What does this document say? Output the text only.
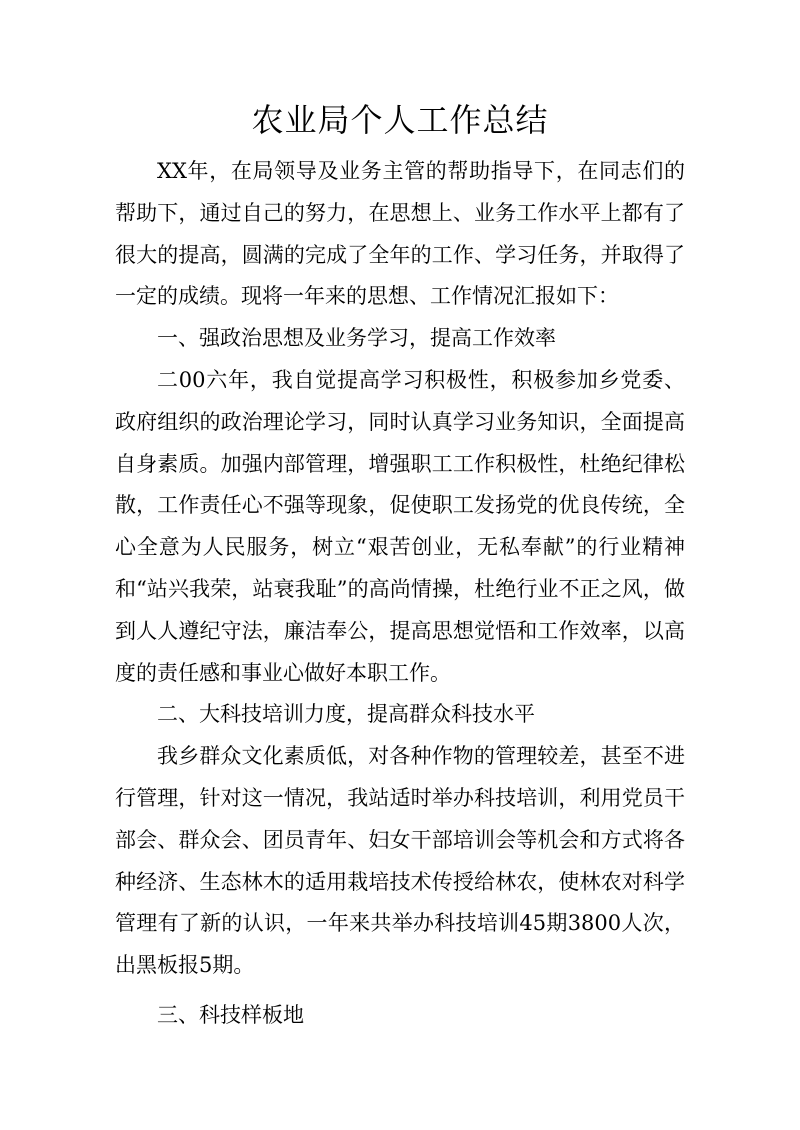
农业局个人工作总结

XX年，在局领导及业务主管的帮助指导下，在同志们的帮助下，通过自己的努力，在思想上、业务工作水平上都有了很大的提高，圆满的完成了全年的工作、学习任务，并取得了一定的成绩。现将一年来的思想、工作情况汇报如下：

一、强政治思想及业务学习，提高工作效率

二00六年，我自觉提高学习积极性，积极参加乡党委、政府组织的政治理论学习，同时认真学习业务知识，全面提高自身素质。加强内部管理，增强职工工作积极性，杜绝纪律松散，工作责任心不强等现象，促使职工发扬党的优良传统，全心全意为人民服务，树立“艰苦创业，无私奉献”的行业精神和“站兴我荣，站衰我耻”的高尚情操，杜绝行业不正之风，做到人人遵纪守法，廉洁奉公，提高思想觉悟和工作效率，以高度的责任感和事业心做好本职工作。

二、大科技培训力度，提高群众科技水平

我乡群众文化素质低，对各种作物的管理较差，甚至不进行管理，针对这一情况，我站适时举办科技培训，利用党员干部会、群众会、团员青年、妇女干部培训会等机会和方式将各种经济、生态林木的适用栽培技术传授给林农，使林农对科学管理有了新的认识，一年来共举办科技培训45期3800人次，出黑板报5期。

三、科技样板地
